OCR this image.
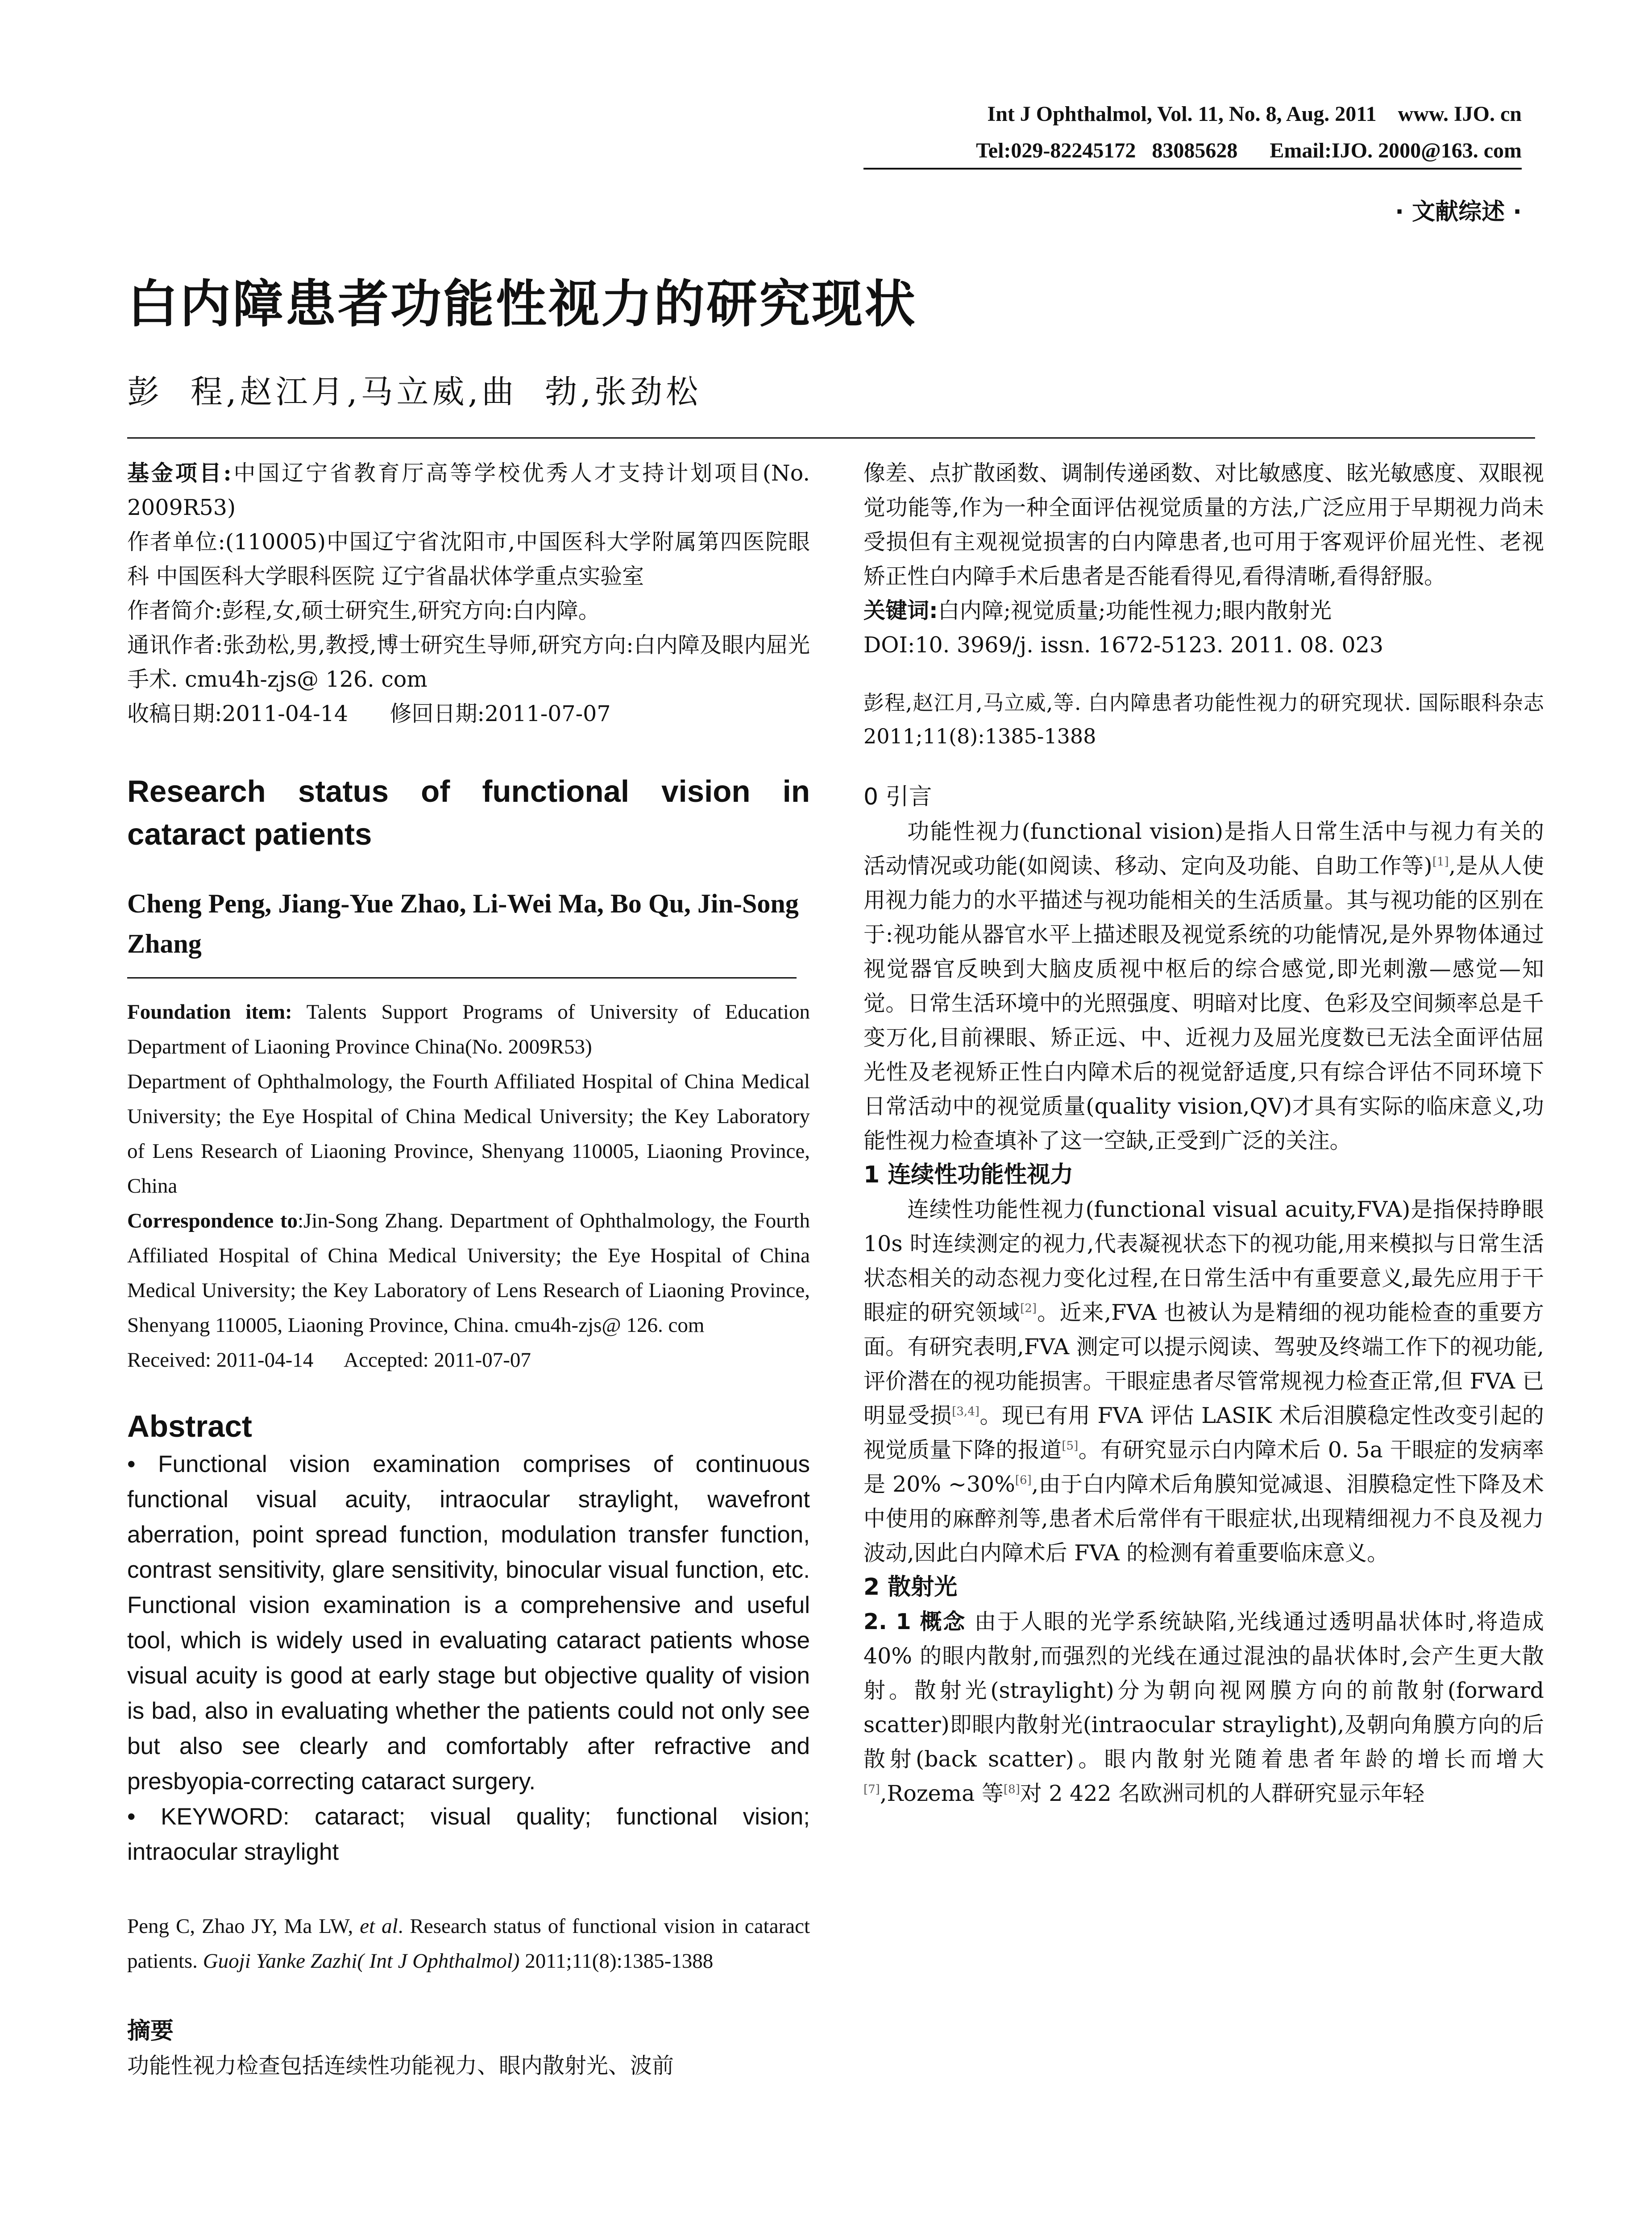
Int J Ophthalmol, Vol. 11, No. 8, Aug. 2011    www. IJO. cn
Tel:029-82245172   83085628      Email:IJO. 2000@163. com
· 文献综述 ·
白内障患者功能性视力的研究现状
彭  程,赵江月,马立威,曲  勃,张劲松

基金项目:中国辽宁省教育厅高等学校优秀人才支持计划项目(No. 2009R53)

作者单位:(110005)中国辽宁省沈阳市,中国医科大学附属第四医院眼科 中国医科大学眼科医院 辽宁省晶状体学重点实验室

作者简介:彭程,女,硕士研究生,研究方向:白内障。

通讯作者:张劲松,男,教授,博士研究生导师,研究方向:白内障及眼内屈光手术. cmu4h-zjs@ 126. com

收稿日期:2011-04-14      修回日期:2011-07-07

Research status of functional vision in cataract patients

Cheng Peng, Jiang-Yue Zhao, Li-Wei Ma, Bo Qu, Jin-Song Zhang

Foundation item: Talents Support Programs of University of Education Department of Liaoning Province China(No. 2009R53)

Department of Ophthalmology, the Fourth Affiliated Hospital of China Medical University; the Eye Hospital of China Medical University; the Key Laboratory of Lens Research of Liaoning Province, Shenyang 110005, Liaoning Province, China

Correspondence to:Jin-Song Zhang. Department of Ophthalmology, the Fourth Affiliated Hospital of China Medical University; the Eye Hospital of China Medical University; the Key Laboratory of Lens Research of Liaoning Province, Shenyang 110005, Liaoning Province, China. cmu4h-zjs@ 126. com

Received: 2011-04-14      Accepted: 2011-07-07

Abstract

• Functional vision examination comprises of continuous functional visual acuity, intraocular straylight, wavefront aberration, point spread function, modulation transfer function, contrast sensitivity, glare sensitivity, binocular visual function, etc. Functional vision examination is a comprehensive and useful tool, which is widely used in evaluating cataract patients whose visual acuity is good at early stage but objective quality of vision is bad, also in evaluating whether the patients could not only see but also see clearly and comfortably after refractive and presbyopia-correcting cataract surgery.

• KEYWORD: cataract; visual quality; functional vision; intraocular straylight

Peng C, Zhao JY, Ma LW, et al. Research status of functional vision in cataract patients. Guoji Yanke Zazhi( Int J Ophthalmol) 2011;11(8):1385-1388

摘要

功能性视力检查包括连续性功能视力、眼内散射光、波前

像差、点扩散函数、调制传递函数、对比敏感度、眩光敏感度、双眼视觉功能等,作为一种全面评估视觉质量的方法,广泛应用于早期视力尚未受损但有主观视觉损害的白内障患者,也可用于客观评价屈光性、老视矫正性白内障手术后患者是否能看得见,看得清晰,看得舒服。

关键词:白内障;视觉质量;功能性视力;眼内散射光

DOI:10. 3969/j. issn. 1672-5123. 2011. 08. 023

彭程,赵江月,马立威,等. 白内障患者功能性视力的研究现状. 国际眼科杂志 2011;11(8):1385-1388

0 引言

功能性视力(functional vision)是指人日常生活中与视力有关的活动情况或功能(如阅读、移动、定向及功能、自助工作等)[1],是从人使用视力能力的水平描述与视功能相关的生活质量。其与视功能的区别在于:视功能从器官水平上描述眼及视觉系统的功能情况,是外界物体通过视觉器官反映到大脑皮质视中枢后的综合感觉,即光刺激—感觉—知觉。日常生活环境中的光照强度、明暗对比度、色彩及空间频率总是千变万化,目前裸眼、矫正远、中、近视力及屈光度数已无法全面评估屈光性及老视矫正性白内障术后的视觉舒适度,只有综合评估不同环境下日常活动中的视觉质量(quality vision,QV)才具有实际的临床意义,功能性视力检查填补了这一空缺,正受到广泛的关注。

1 连续性功能性视力

连续性功能性视力(functional visual acuity,FVA)是指保持睁眼 10s 时连续测定的视力,代表凝视状态下的视功能,用来模拟与日常生活状态相关的动态视力变化过程,在日常生活中有重要意义,最先应用于干眼症的研究领域[2]。近来,FVA 也被认为是精细的视功能检查的重要方面。有研究表明,FVA 测定可以提示阅读、驾驶及终端工作下的视功能,评价潜在的视功能损害。干眼症患者尽管常规视力检查正常,但 FVA 已明显受损[3,4]。现已有用 FVA 评估 LASIK 术后泪膜稳定性改变引起的视觉质量下降的报道[5]。有研究显示白内障术后 0. 5a 干眼症的发病率是 20% ~30%[6],由于白内障术后角膜知觉减退、泪膜稳定性下降及术中使用的麻醉剂等,患者术后常伴有干眼症状,出现精细视力不良及视力波动,因此白内障术后 FVA 的检测有着重要临床意义。

2 散射光

2. 1 概念 由于人眼的光学系统缺陷,光线通过透明晶状体时,将造成 40% 的眼内散射,而强烈的光线在通过混浊的晶状体时,会产生更大散射。散射光(straylight)分为朝向视网膜方向的前散射(forward scatter)即眼内散射光(intraocular straylight),及朝向角膜方向的后散射(back scatter)。眼内散射光随着患者年龄的增长而增大[7],Rozema 等[8]对 2 422 名欧洲司机的人群研究显示年轻
